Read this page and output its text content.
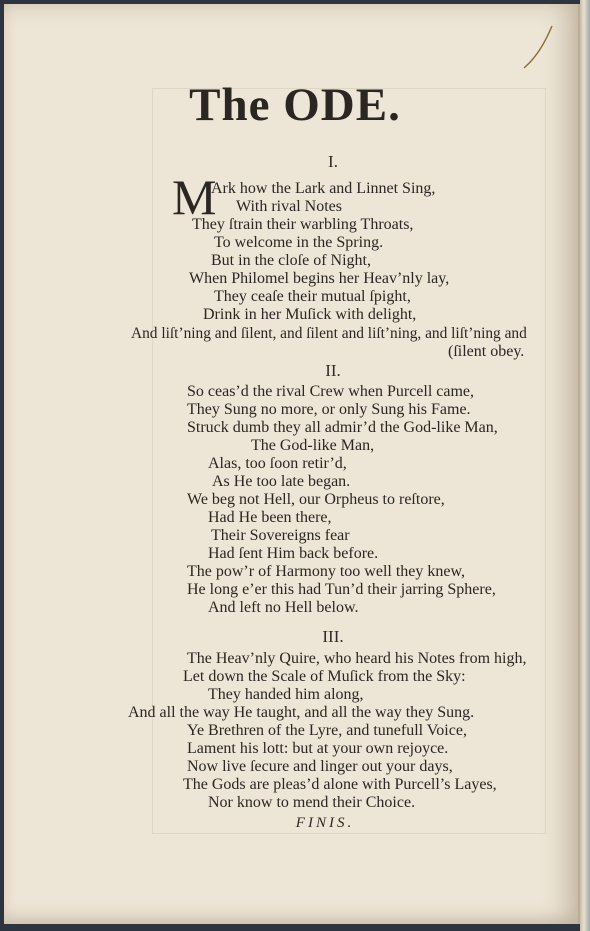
The ODE.
I.
M
Ark how the Lark and Linnet Sing,
With rival Notes
They ſtrain their warbling Throats,
To welcome in the Spring.
But in the cloſe of Night,
When Philomel begins her Heav’nly lay,
They ceaſe their mutual ſpight,
Drink in her Muſick with delight,
And liſt’ning and ſilent, and ſilent and liſt’ning, and liſt’ning and
(ſilent obey.
II.
So ceas’d the rival Crew when Purcell came,
They Sung no more, or only Sung his Fame.
Struck dumb they all admir’d the God-like Man,
The God-like Man,
Alas, too ſoon retir’d,
As He too late began.
We beg not Hell, our Orpheus to reſtore,
Had He been there,
Their Sovereigns fear
Had ſent Him back before.
The pow’r of Harmony too well they knew,
He long e’er this had Tun’d their jarring Sphere,
And left no Hell below.
III.
The Heav’nly Quire, who heard his Notes from high,
Let down the Scale of Muſick from the Sky:
They handed him along,
And all the way He taught, and all the way they Sung.
Ye Brethren of the Lyre, and tunefull Voice,
Lament his lott: but at your own rejoyce.
Now live ſecure and linger out your days,
The Gods are pleas’d alone with Purcell’s Layes,
Nor know to mend their Choice.
FINIS.
